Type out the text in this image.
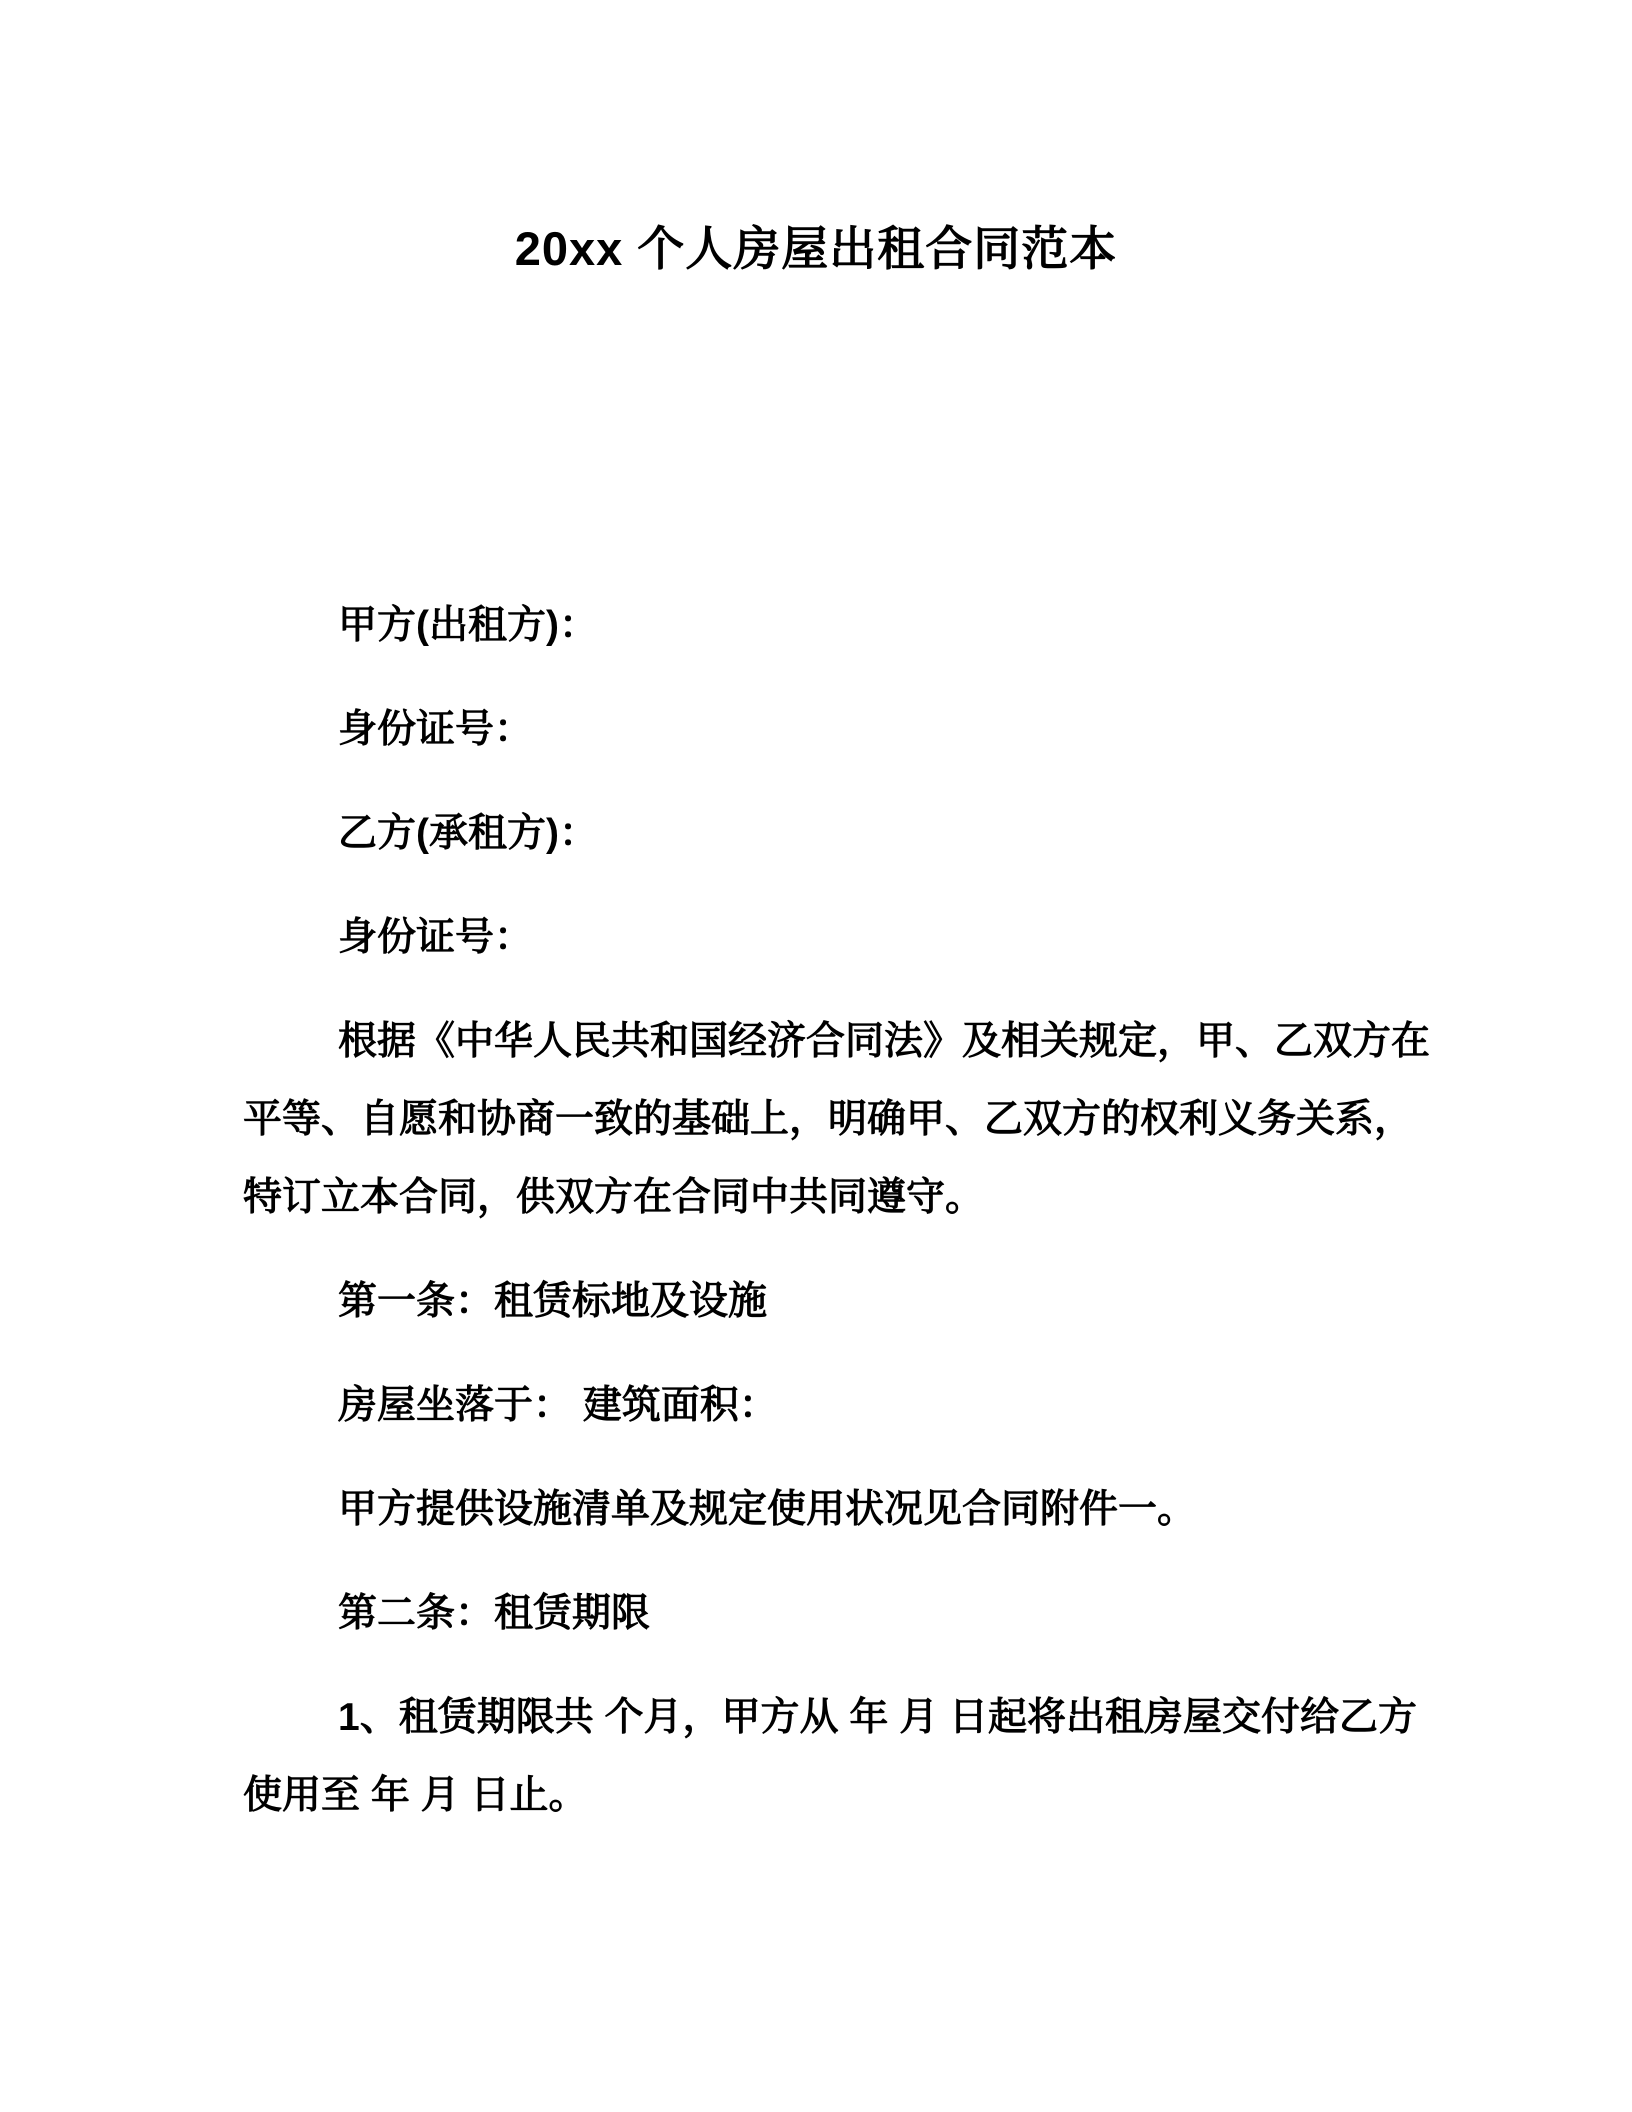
20xx 个人房屋出租合同范本
甲方(出租方)：
身份证号：
乙方(承租方)：
身份证号：
根据《中华人民共和国经济合同法》及相关规定，甲、乙双方在
平等、自愿和协商一致的基础上，明确甲、乙双方的权利义务关系，
特订立本合同，供双方在合同中共同遵守。
第一条：租赁标地及设施
房屋坐落于： 建筑面积：
甲方提供设施清单及规定使用状况见合同附件一。
第二条：租赁期限
1、租赁期限共 个月，甲方从 年 月 日起将出租房屋交付给乙方
使用至 年 月 日止。
